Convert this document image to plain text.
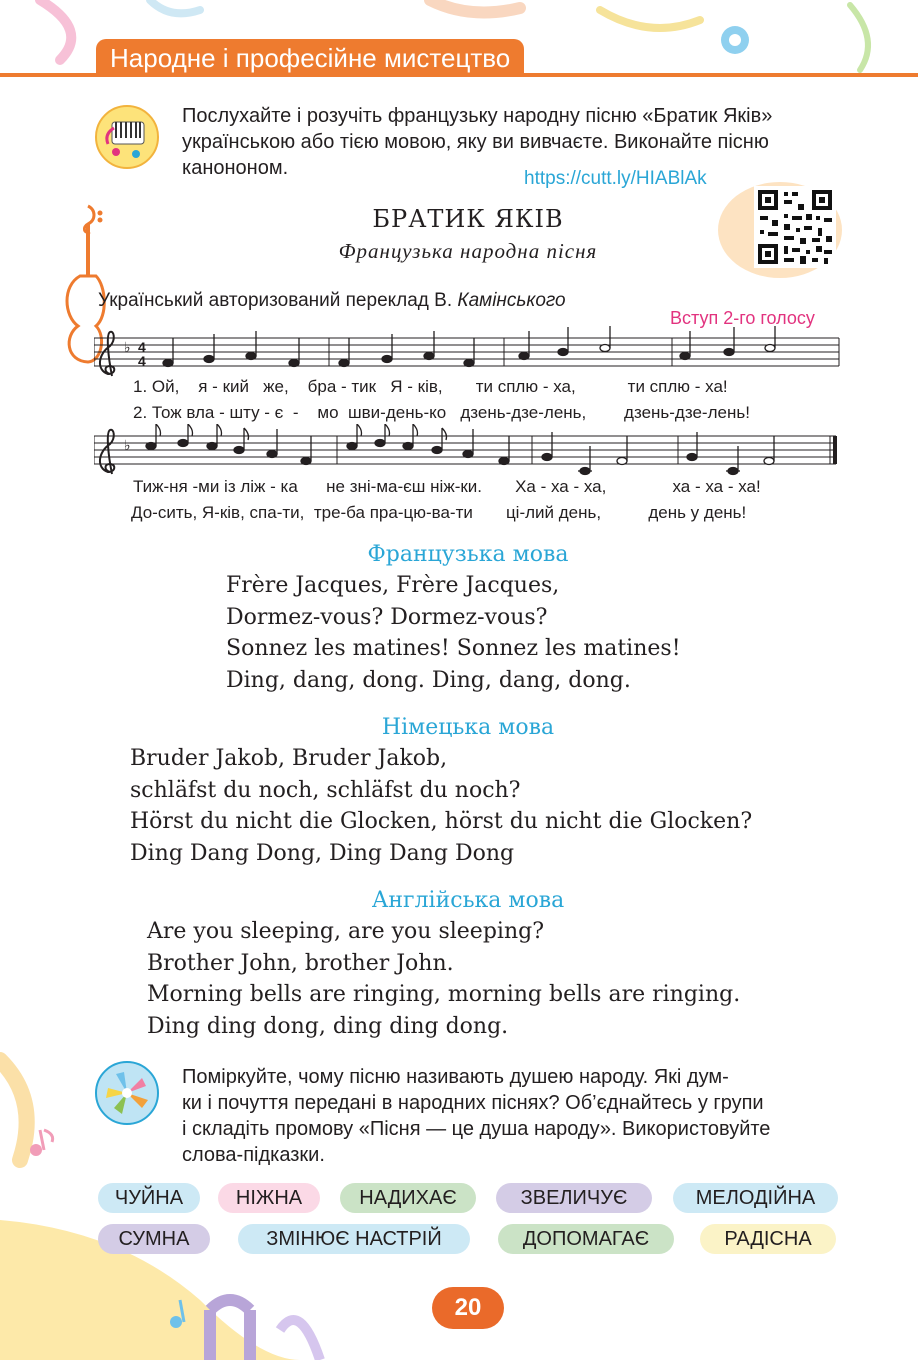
Народне і професійне мистецтво
Послухайте і розучіть французьку народну пісню «Братик Яків»
українською або тією мовою, яку ви вивчаєте. Виконайте пісню
канононом.	https://cutt.ly/HIABlAk
БРАТИК ЯКІВ
Французька народна пісня
Український авторизований переклад В. Камінського
Вступ 2-го голосу
♭ 4
4
1. Ой, я - кий же, бра - тик Я - ків, ти сплю - ха,	ти сплю - ха!
2. Тож вла - шту - є - мо шви-день-ко дзень-дзе-лень, дзень-дзе-лень!
♭
Тиж-ня -ми із ліж - ка не зні-ма-єш ніж-ки. Ха - ха - ха,	ха - ха - ха!
До-сить, Я-ків, спа-ти, тре-ба пра-цю-ва-ти ці-лий день,	день у день!
Французька мова
Frère Jacques, Frère Jacques,
Dormez-vous? Dormez-vous?
Sonnez les matines! Sonnez les matines!
Ding, dang, dong. Ding, dang, dong.
Німецька мова
Bruder Jakob, Bruder Jakob,
schläfst du noch, schläfst du noch?
Hörst du nicht die Glocken, hörst du nicht die Glocken?
Ding Dang Dong, Ding Dang Dong
Англійська мова
Are you sleeping, are you sleeping?
Brother John, brother John.
Morning bells are ringing, morning bells are ringing.
Ding ding dong, ding ding dong.
Поміркуйте, чому пісню називають душею народу. Які дум-
ки і почуття передані в народних піснях? Об’єднайтесь у групи
і складіть промову «Пісня — це душа народу». Використовуйте
слова-підказки.
ЧУЙНА	НІЖНА	НАДИХАЄ	ЗВЕЛИЧУЄ	МЕЛОДІЙНА
СУМНА	ЗМІНЮЄ НАСТРІЙ	ДОПОМАГАЄ	РАДІСНА
20
